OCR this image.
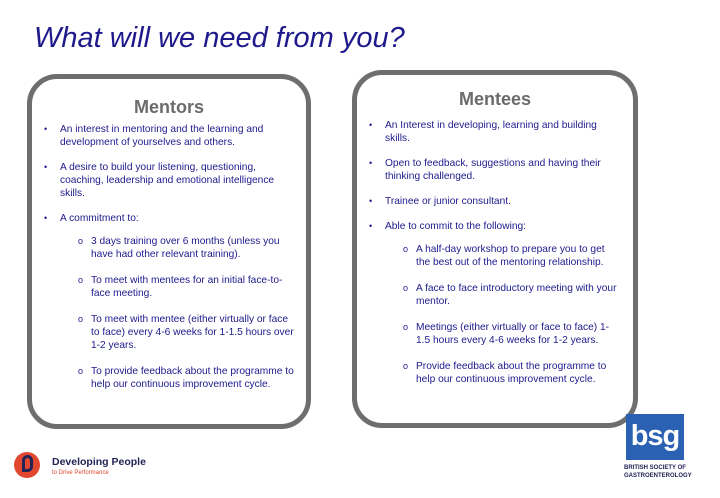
What will we need from you?
Mentors
• An interest in mentoring and the learning and development of yourselves and others.
• A desire to build your listening, questioning, coaching, leadership and emotional intelligence skills.
• A commitment to:
o 3 days training over 6 months (unless you have had other relevant training).
o To meet with mentees for an initial face-to-face meeting.
o To meet with mentee (either virtually or face to face) every 4-6 weeks for 1-1.5 hours over 1-2 years.
o To provide feedback about the programme to help our continuous improvement cycle.
Mentees
• An Interest in developing, learning and building skills.
• Open to feedback, suggestions and having their thinking challenged.
• Trainee or junior consultant.
• Able to commit to the following:
o A half-day workshop to prepare you to get the best out of the mentoring relationship.
o A face to face introductory meeting with your mentor.
o Meetings (either virtually or face to face) 1-1.5 hours every 4-6 weeks for 1-2 years.
o Provide feedback about the programme to help our continuous improvement cycle.
Developing People
to Drive Performance
bsg
BRITISH SOCIETY OF GASTROENTEROLOGY
